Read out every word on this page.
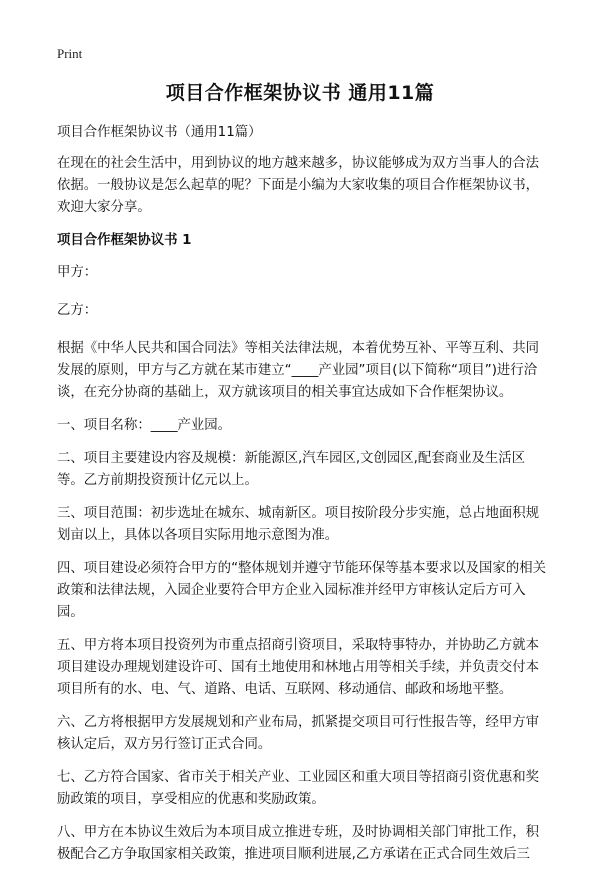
Print
项目合作框架协议书 通用11篇

项目合作框架协议书（通用11篇）

在现在的社会生活中，用到协议的地方越来越多，协议能够成为双方当事人的合法依据。一般协议是怎么起草的呢？下面是小编为大家收集的项目合作框架协议书，欢迎大家分享。

项目合作框架协议书 1

甲方：

乙方：

根据《中华人民共和国合同法》等相关法律法规，本着优势互补、平等互利、共同发展的原则，甲方与乙方就在某市建立“____产业园”项目(以下简称“项目”)进行洽谈，在充分协商的基础上，双方就该项目的相关事宜达成如下合作框架协议。

一、项目名称：____产业园。

二、项目主要建设内容及规模：新能源区,汽车园区,文创园区,配套商业及生活区等。乙方前期投资预计亿元以上。

三、项目范围：初步选址在城东、城南新区。项目按阶段分步实施，总占地面积规划亩以上，具体以各项目实际用地示意图为准。

四、项目建设必须符合甲方的“整体规划并遵守节能环保等基本要求以及国家的相关政策和法律法规，入园企业要符合甲方企业入园标准并经甲方审核认定后方可入园。

五、甲方将本项目投资列为市重点招商引资项目，采取特事特办，并协助乙方就本项目建设办理规划建设许可、国有土地使用和林地占用等相关手续，并负责交付本项目所有的水、电、气、道路、电话、互联网、移动通信、邮政和场地平整。

六、乙方将根据甲方发展规划和产业布局，抓紧提交项目可行性报告等，经甲方审核认定后，双方另行签订正式合同。

七、乙方符合国家、省市关于相关产业、工业园区和重大项目等招商引资优惠和奖励政策的项目，享受相应的优惠和奖励政策。

八、甲方在本协议生效后为本项目成立推进专班，及时协调相关部门审批工作，积极配合乙方争取国家相关政策，推进项目顺利进展,乙方承诺在正式合同生效后三
